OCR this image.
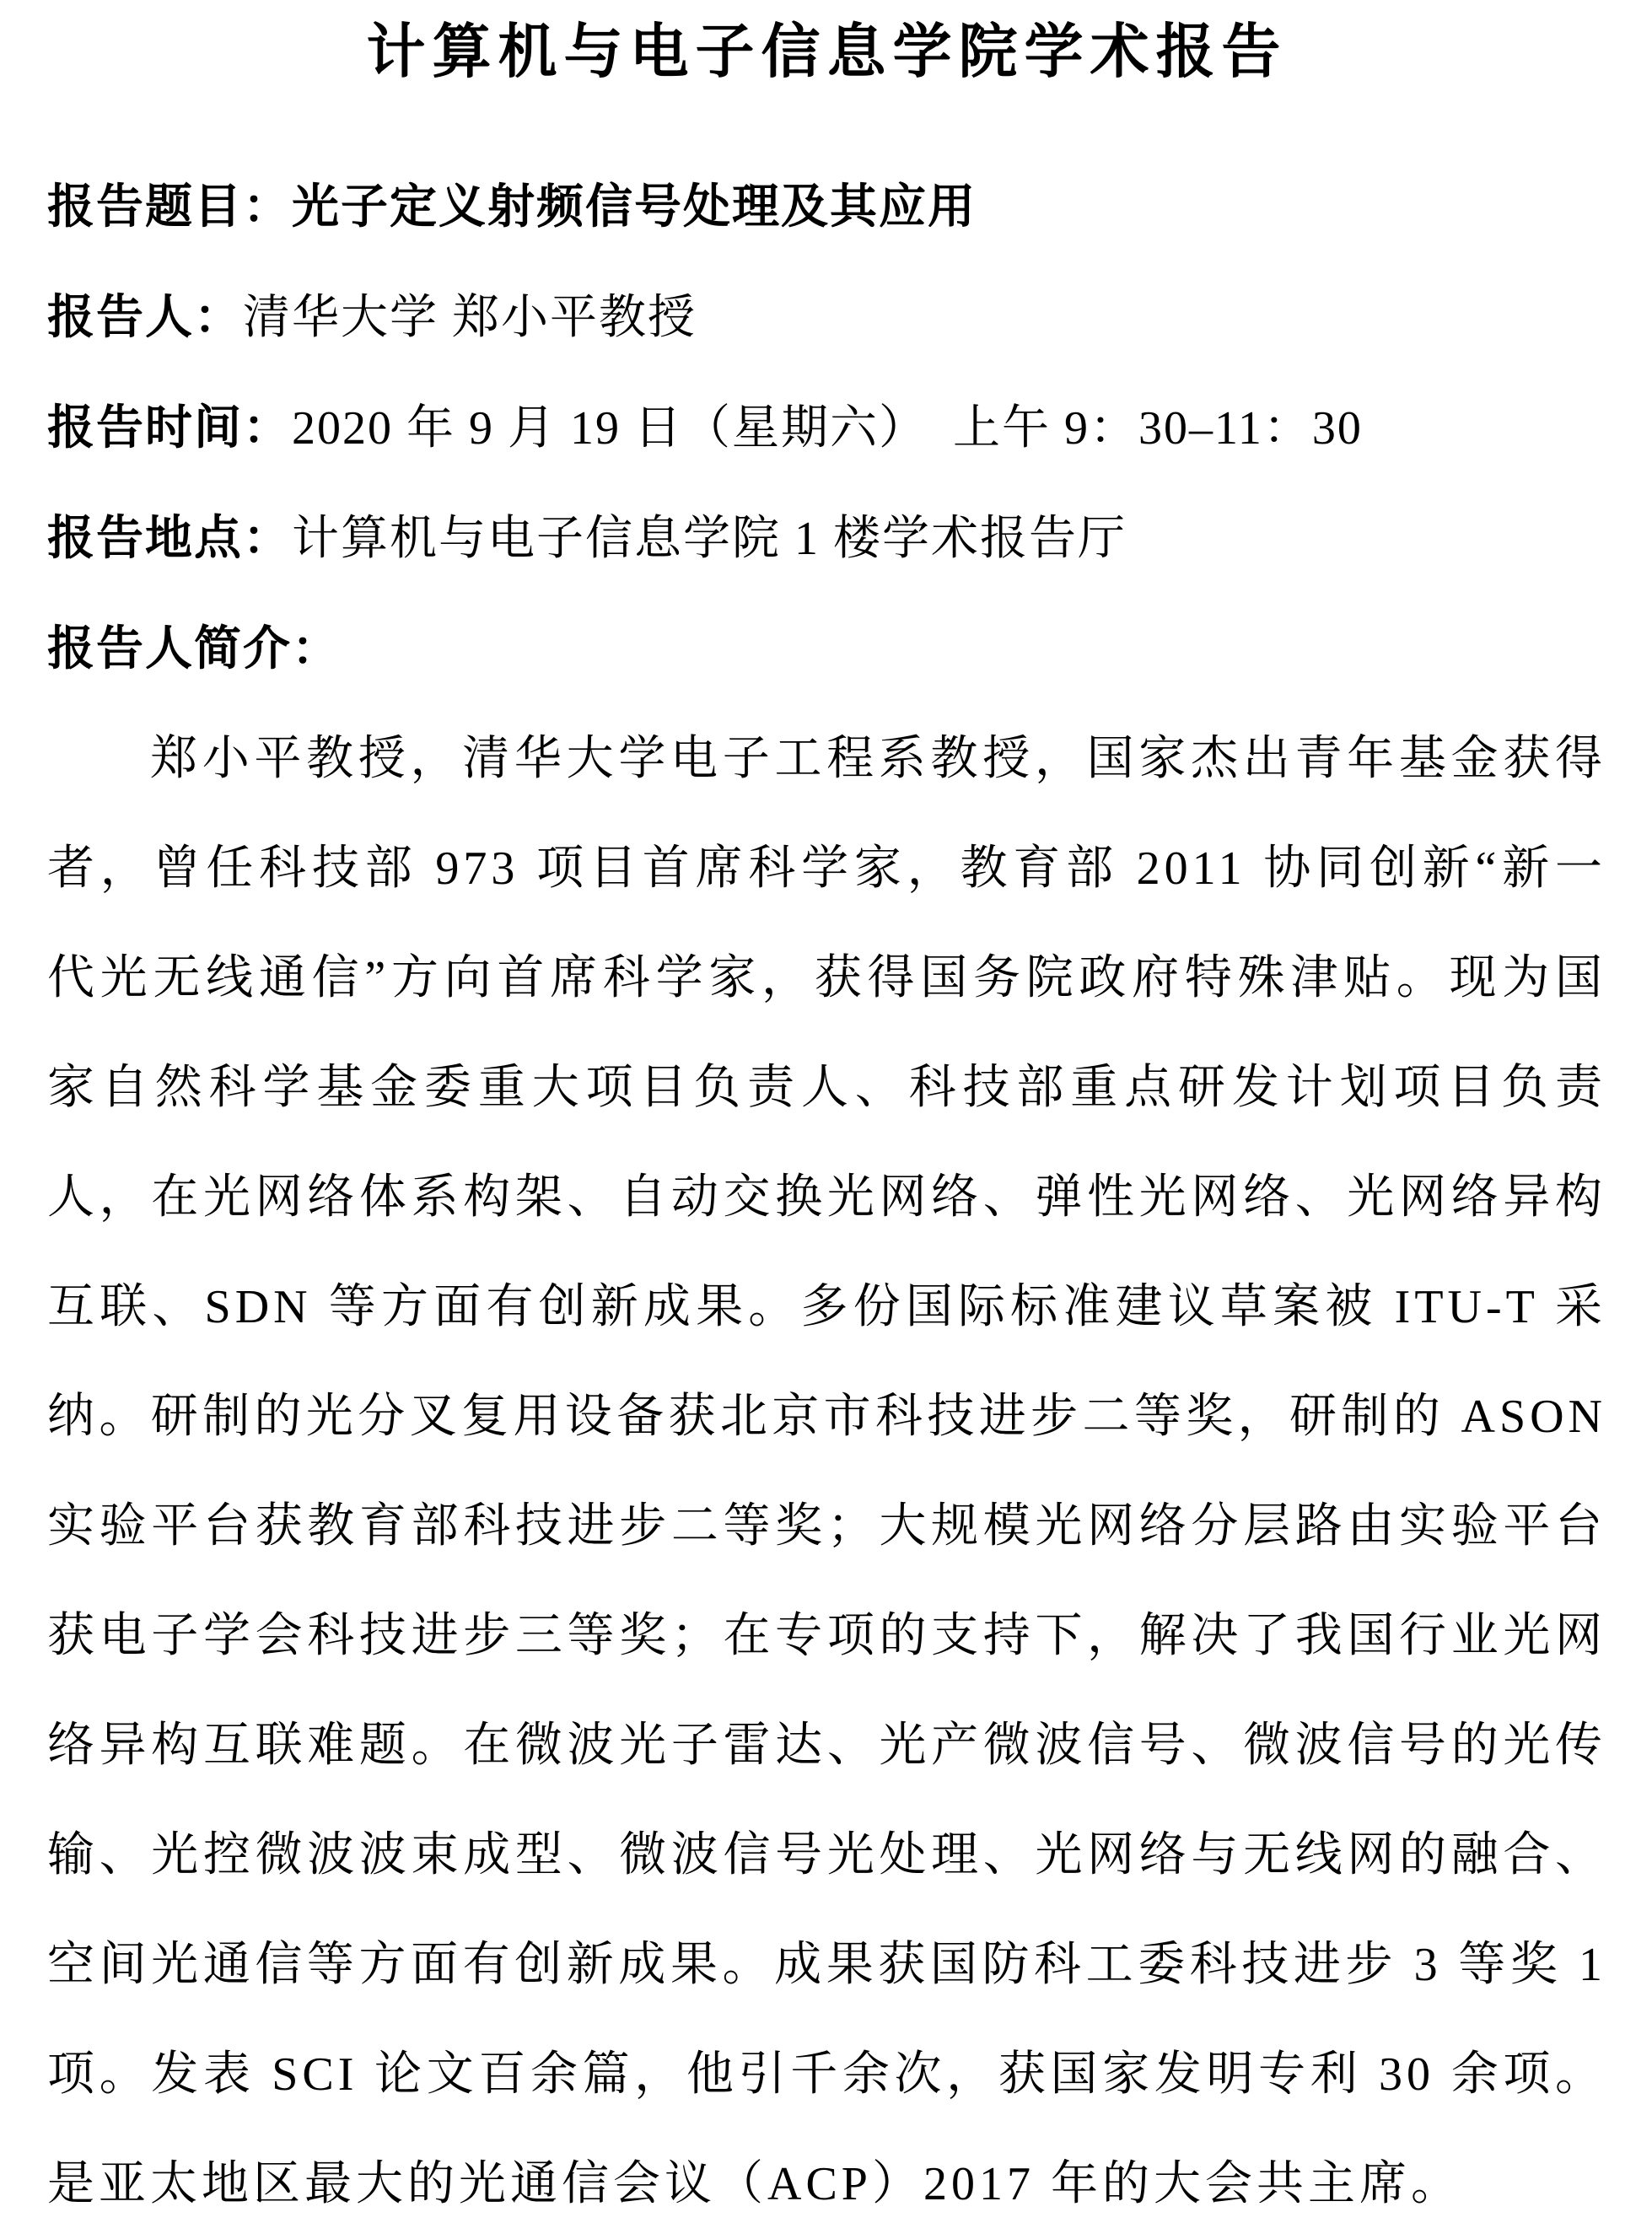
计算机与电子信息学院学术报告
报告题目：光子定义射频信号处理及其应用
报告人：清华大学 郑小平教授
报告时间：2020 年 9 月 19 日（星期六）　上午 9：30–11：30
报告地点：计算机与电子信息学院 1 楼学术报告厅
报告人简介：

郑小平教授，清华大学电子工程系教授，国家杰出青年基金获得者，曾任科技部 973 项目首席科学家，教育部 2011 协同创新“新一代光无线通信”方向首席科学家，获得国务院政府特殊津贴。现为国家自然科学基金委重大项目负责人、科技部重点研发计划项目负责人，在光网络体系构架、自动交换光网络、弹性光网络、光网络异构互联、SDN 等方面有创新成果。多份国际标准建议草案被 ITU-T 采纳。研制的光分叉复用设备获北京市科技进步二等奖，研制的 ASON 实验平台获教育部科技进步二等奖；大规模光网络分层路由实验平台获电子学会科技进步三等奖；在专项的支持下，解决了我国行业光网络异构互联难题。在微波光子雷达、光产微波信号、微波信号的光传输、光控微波波束成型、微波信号光处理、光网络与无线网的融合、空间光通信等方面有创新成果。成果获国防科工委科技进步 3 等奖 1 项。发表 SCI 论文百余篇，他引千余次，获国家发明专利 30 余项。是亚太地区最大的光通信会议（ACP）2017 年的大会共主席。
